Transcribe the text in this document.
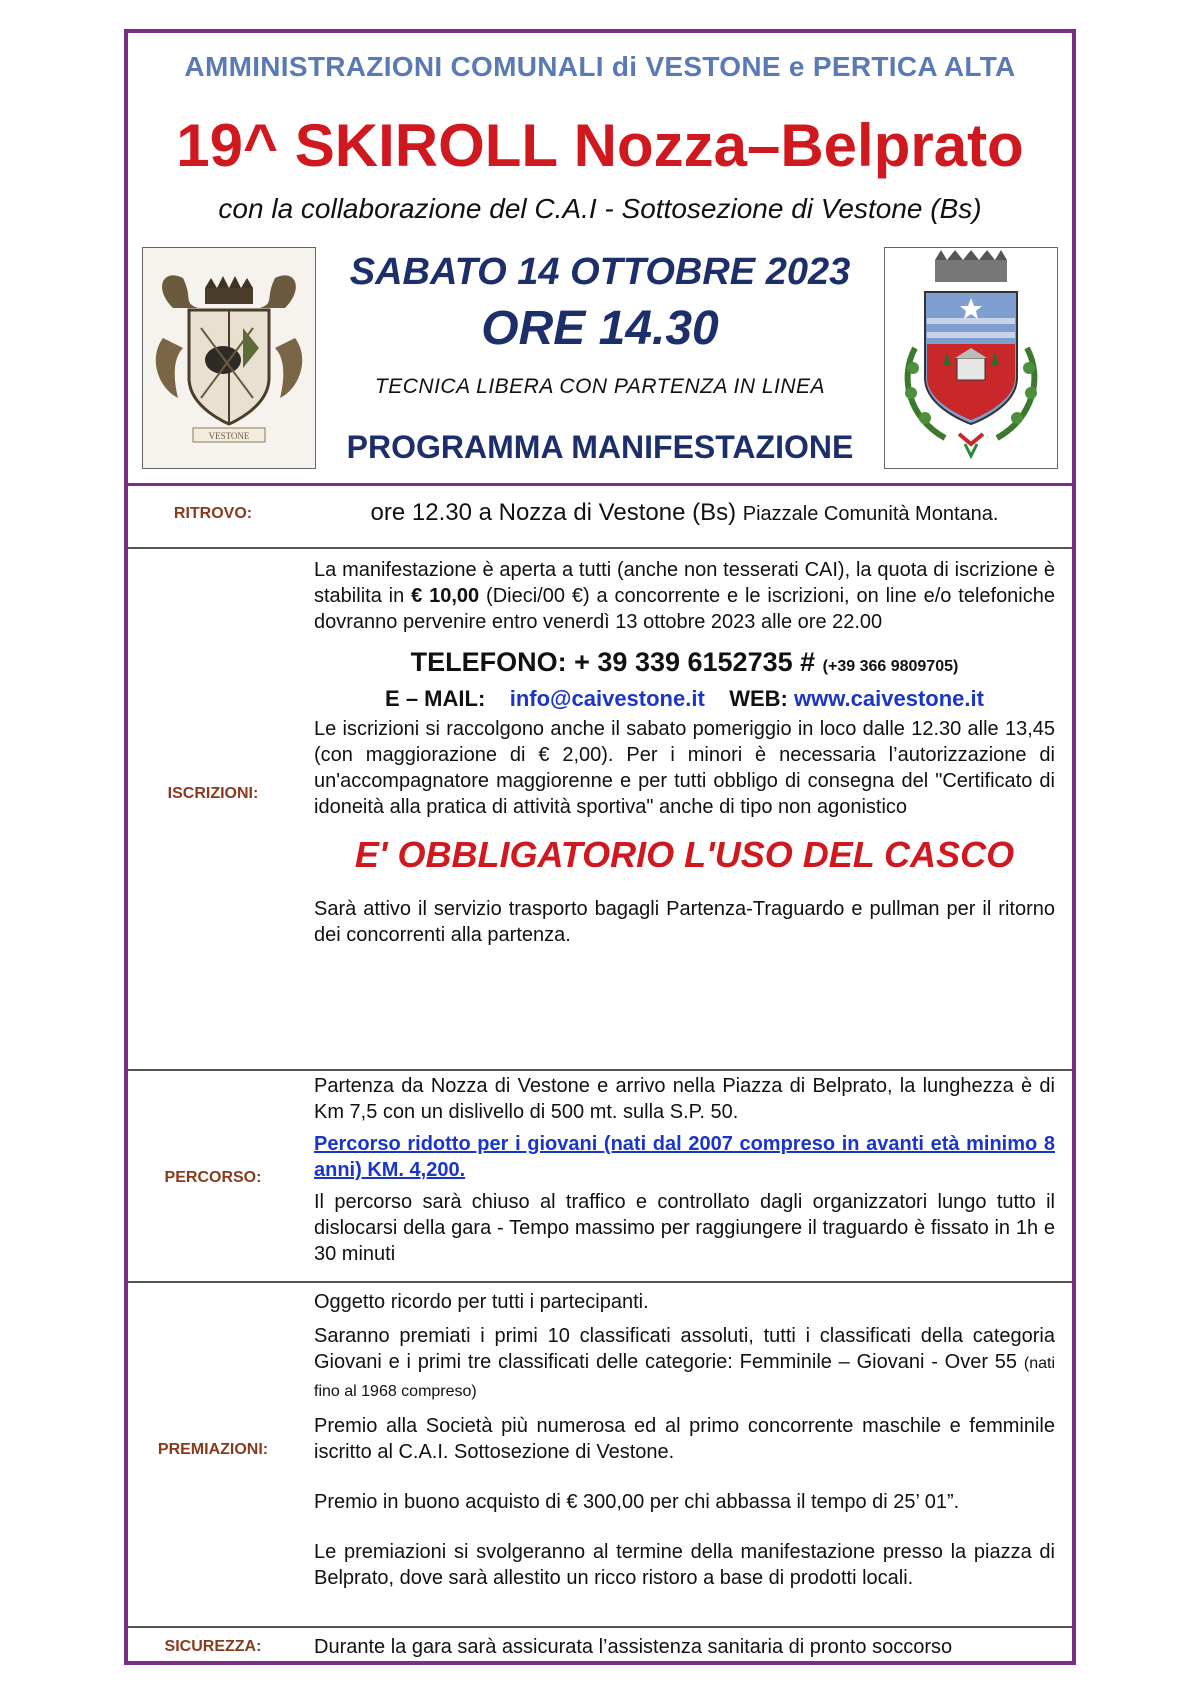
AMMINISTRAZIONI COMUNALI di VESTONE e PERTICA ALTA
19^ SKIROLL Nozza–Belprato
con la collaborazione del C.A.I - Sottosezione di Vestone (Bs)
VESTONE
SABATO 14 OTTOBRE 2023
ORE 14.30
TECNICA LIBERA CON PARTENZA IN LINEA
PROGRAMMA MANIFESTAZIONE
RITROVO:	ore 12.30 a Nozza di Vestone (Bs) Piazzale Comunità Montana.
ISCRIZIONI:

La manifestazione è aperta a tutti (anche non tesserati CAI), la quota di iscrizione è stabilita in € 10,00 (Dieci/00 €) a concorrente e le iscrizioni, on line e/o telefoniche dovranno pervenire entro venerdì 13 ottobre 2023 alle ore 22.00

TELEFONO: + 39 339 6152735 # (+39 366 9809705)

E – MAIL: info@caivestone.it WEB: www.caivestone.it

Le iscrizioni si raccolgono anche il sabato pomeriggio in loco dalle 12.30 alle 13,45 (con maggiorazione di € 2,00). Per i minori è necessaria l’autorizzazione di un'accompagnatore maggiorenne e per tutti obbligo di consegna del "Certificato di idoneità alla pratica di attività sportiva" anche di tipo non agonistico

E' OBBLIGATORIO L'USO DEL CASCO

Sarà attivo il servizio trasporto bagagli Partenza-Traguardo e pullman per il ritorno dei concorrenti alla partenza.

PERCORSO:

Partenza da Nozza di Vestone e arrivo nella Piazza di Belprato, la lunghezza è di Km 7,5 con un dislivello di 500 mt. sulla S.P. 50.

Percorso ridotto per i giovani (nati dal 2007 compreso in avanti età minimo 8 anni) KM. 4,200.

Il percorso sarà chiuso al traffico e controllato dagli organizzatori lungo tutto il dislocarsi della gara - Tempo massimo per raggiungere il traguardo è fissato in 1h e 30 minuti

PREMIAZIONI:

Oggetto ricordo per tutti i partecipanti.

Saranno premiati i primi 10 classificati assoluti, tutti i classificati della categoria Giovani e i primi tre classificati delle categorie: Femminile – Giovani - Over 55 (nati fino al 1968 compreso)

Premio alla Società più numerosa ed al primo concorrente maschile e femminile iscritto al C.A.I. Sottosezione di Vestone.

Premio in buono acquisto di € 300,00 per chi abbassa il tempo di 25’ 01”.

Le premiazioni si svolgeranno al termine della manifestazione presso la piazza di Belprato, dove sarà allestito un ricco ristoro a base di prodotti locali.

SICUREZZA:	Durante la gara sarà assicurata l’assistenza sanitaria di pronto soccorso
